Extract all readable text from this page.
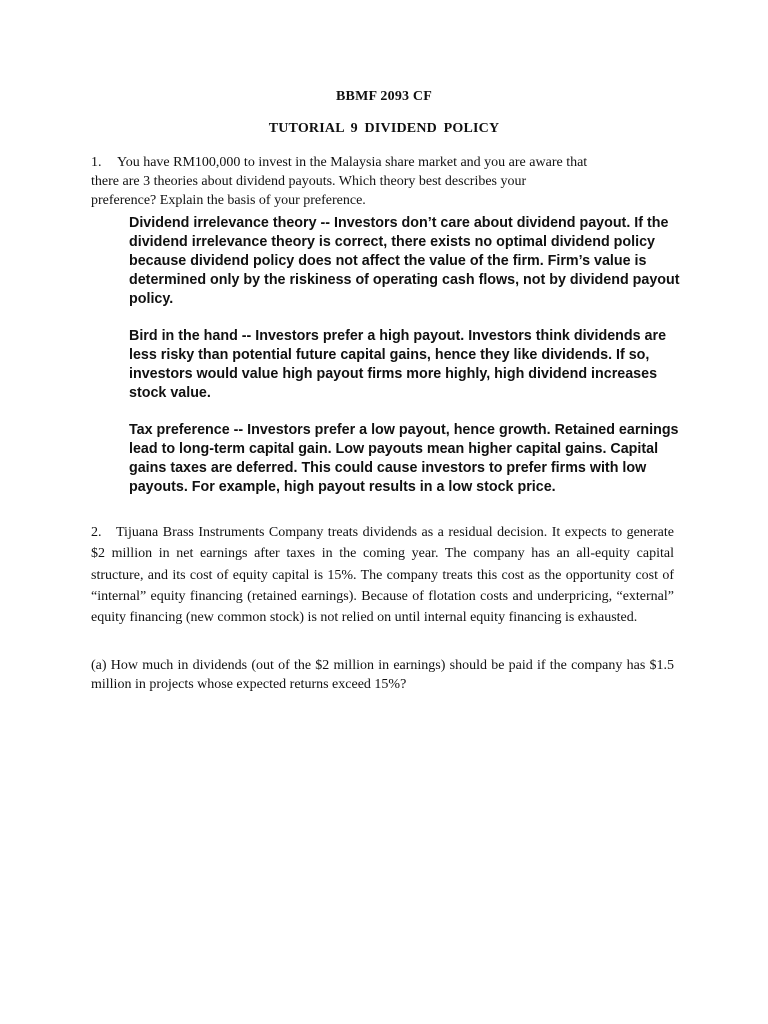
BBMF 2093 CF
TUTORIAL 9 DIVIDEND POLICY
1. You have RM100,000 to invest in the Malaysia share market and you are aware that
there are 3 theories about dividend payouts. Which theory best describes your
preference? Explain the basis of your preference.
Dividend irrelevance theory -- Investors don’t care about dividend payout. If the dividend irrelevance theory is correct, there exists no optimal dividend policy because dividend policy does not affect the value of the firm. Firm’s value is determined only by the riskiness of operating cash flows, not by dividend payout policy.
Bird in the hand -- Investors prefer a high payout. Investors think dividends are less risky than potential future capital gains, hence they like dividends. If so, investors would value high payout firms more highly, high dividend increases stock value.
Tax preference -- Investors prefer a low payout, hence growth. Retained earnings lead to long-term capital gain. Low payouts mean higher capital gains. Capital gains taxes are deferred. This could cause investors to prefer firms with low payouts. For example, high payout results in a low stock price.
2. Tijuana Brass Instruments Company treats dividends as a residual decision. It expects to generate $2 million in net earnings after taxes in the coming year. The company has an all-equity capital structure, and its cost of equity capital is 15%. The company treats this cost as the opportunity cost of “internal” equity financing (retained earnings). Because of flotation costs and underpricing, “external” equity financing (new common stock) is not relied on until internal equity financing is exhausted.
(a) How much in dividends (out of the $2 million in earnings) should be paid if the company has $1.5 million in projects whose expected returns exceed 15%?
